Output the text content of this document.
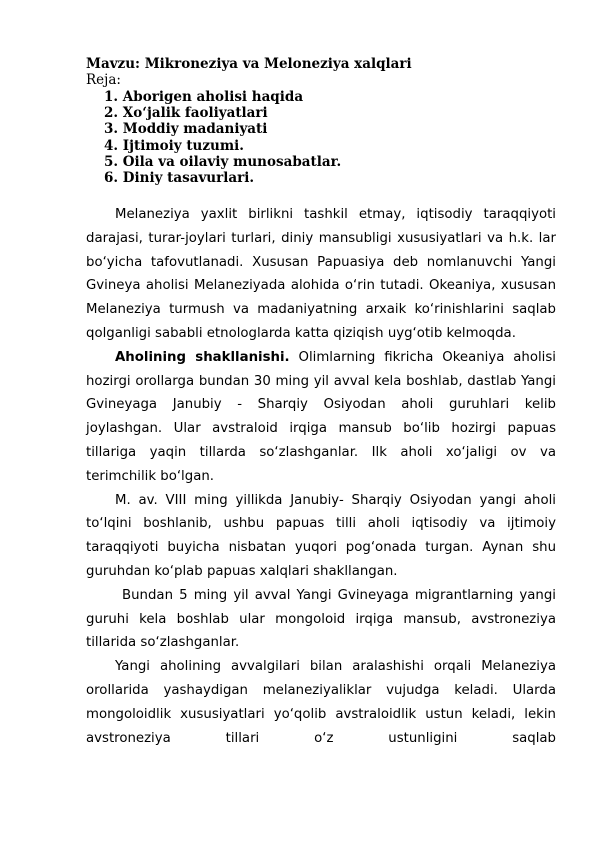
Mavzu: Mikroneziya va Meloneziya xalqlari
Reja:
1. Aborigen aholisi haqida
2. Xo‘jalik faoliyatlari
3. Moddiy madaniyati
4. Ijtimoiy tuzumi.
5. Oila va oilaviy munosabatlar.
6. Diniy tasavurlari.

Melaneziya yaxlit birlikni tashkil etmay, iqtisodiy taraqqiyoti darajasi, turar-joylari turlari, diniy mansubligi xususiyatlari va h.k. lar bo‘yicha tafovutlanadi. Xususan Papuasiya deb nomlanuvchi Yangi Gvineya aholisi Melaneziyada alohida o‘rin tutadi. Okeaniya, xususan Melaneziya turmush va madaniyatning arxaik ko‘rinishlarini saqlab qolganligi sababli etnologlarda katta qiziqish uyg‘otib kelmoqda.

Aholining shakllanishi. Olimlarning fikricha Okeaniya aholisi hozirgi orollarga bundan 30 ming yil avval kela boshlab, dastlab Yangi Gvineyaga Janubiy - Sharqiy Osiyodan aholi guruhlari kelib joylashgan. Ular avstraloid irqiga mansub bo‘lib hozirgi papuas tillariga yaqin tillarda so‘zlashganlar. Ilk aholi xo‘jaligi ov va terimchilik bo‘lgan.

M. av. VIII ming yillikda Janubiy- Sharqiy Osiyodan yangi aholi to‘lqini boshlanib, ushbu papuas tilli aholi iqtisodiy va ijtimoiy taraqqiyoti buyicha nisbatan yuqori pog‘onada turgan. Aynan shu guruhdan ko‘plab papuas xalqlari shakllangan.

Bundan 5 ming yil avval Yangi Gvineyaga migrantlarning yangi guruhi kela boshlab ular mongoloid irqiga mansub, avstroneziya tillarida so‘zlashganlar.

Yangi aholining avvalgilari bilan aralashishi orqali Melaneziya orollarida yashaydigan melaneziyaliklar vujudga keladi. Ularda mongoloidlik xususiyatlari yo‘qolib avstraloidlik ustun keladi, lekin avstroneziya tillari o‘z ustunligini saqlab
